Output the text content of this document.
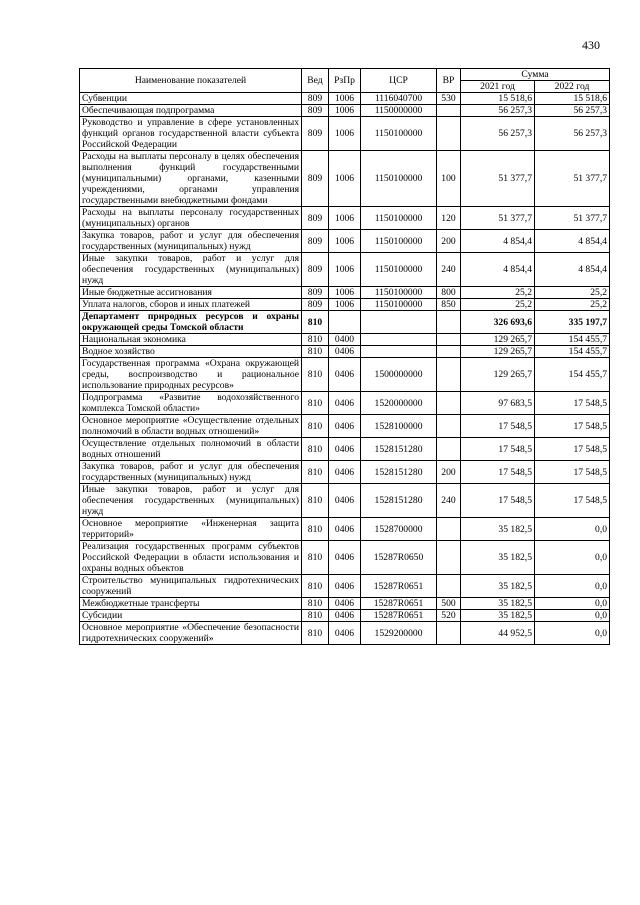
430
Наименование показателей	Вед	РзПр	ЦСР	ВР	Сумма	
					2021 год	2022 год
Субвенции	809	1006	1116040700	530	15 518,6	15 518,6
Обеспечивающая подпрограмма	809	1006	1150000000		56 257,3	56 257,3
Руководство и управление в сфере установленных функций органов государственной власти субъекта Российской Федерации	809	1006	1150100000		56 257,3	56 257,3
Расходы на выплаты персоналу в целях обеспечения выполнения функций государственными (муниципальными) органами, казенными учреждениями, органами управления государственными внебюджетными фондами	809	1006	1150100000	100	51 377,7	51 377,7
Расходы на выплаты персоналу государственных (муниципальных) органов	809	1006	1150100000	120	51 377,7	51 377,7
Закупка товаров, работ и услуг для обеспечения государственных (муниципальных) нужд	809	1006	1150100000	200	4 854,4	4 854,4
Иные закупки товаров, работ и услуг для обеспечения государственных (муниципальных) нужд	809	1006	1150100000	240	4 854,4	4 854,4
Иные бюджетные ассигнования	809	1006	1150100000	800	25,2	25,2
Уплата налогов, сборов и иных платежей	809	1006	1150100000	850	25,2	25,2
Департамент природных ресурсов и охраны окружающей среды Томской области	810				326 693,6	335 197,7
Национальная экономика	810	0400			129 265,7	154 455,7
Водное хозяйство	810	0406			129 265,7	154 455,7
Государственная программа «Охрана окружающей среды, воспроизводство и рациональное использование природных ресурсов»	810	0406	1500000000		129 265,7	154 455,7
Подпрограмма «Развитие водохозяйственного комплекса Томской области»	810	0406	1520000000		97 683,5	17 548,5
Основное мероприятие «Осуществление отдельных полномочий в области водных отношений»	810	0406	1528100000		17 548,5	17 548,5
Осуществление отдельных полномочий в области водных отношений	810	0406	1528151280		17 548,5	17 548,5
Закупка товаров, работ и услуг для обеспечения государственных (муниципальных) нужд	810	0406	1528151280	200	17 548,5	17 548,5
Иные закупки товаров, работ и услуг для обеспечения государственных (муниципальных) нужд	810	0406	1528151280	240	17 548,5	17 548,5
Основное мероприятие «Инженерная защита территорий»	810	0406	1528700000		35 182,5	0,0
Реализация государственных программ субъектов Российской Федерации в области использования и охраны водных объектов	810	0406	15287R0650		35 182,5	0,0
Строительство муниципальных гидротехнических сооружений	810	0406	15287R0651		35 182,5	0,0
Межбюджетные трансферты	810	0406	15287R0651	500	35 182,5	0,0
Субсидии	810	0406	15287R0651	520	35 182,5	0,0
Основное мероприятие «Обеспечение безопасности гидротехнических сооружений»	810	0406	1529200000		44 952,5	0,0
